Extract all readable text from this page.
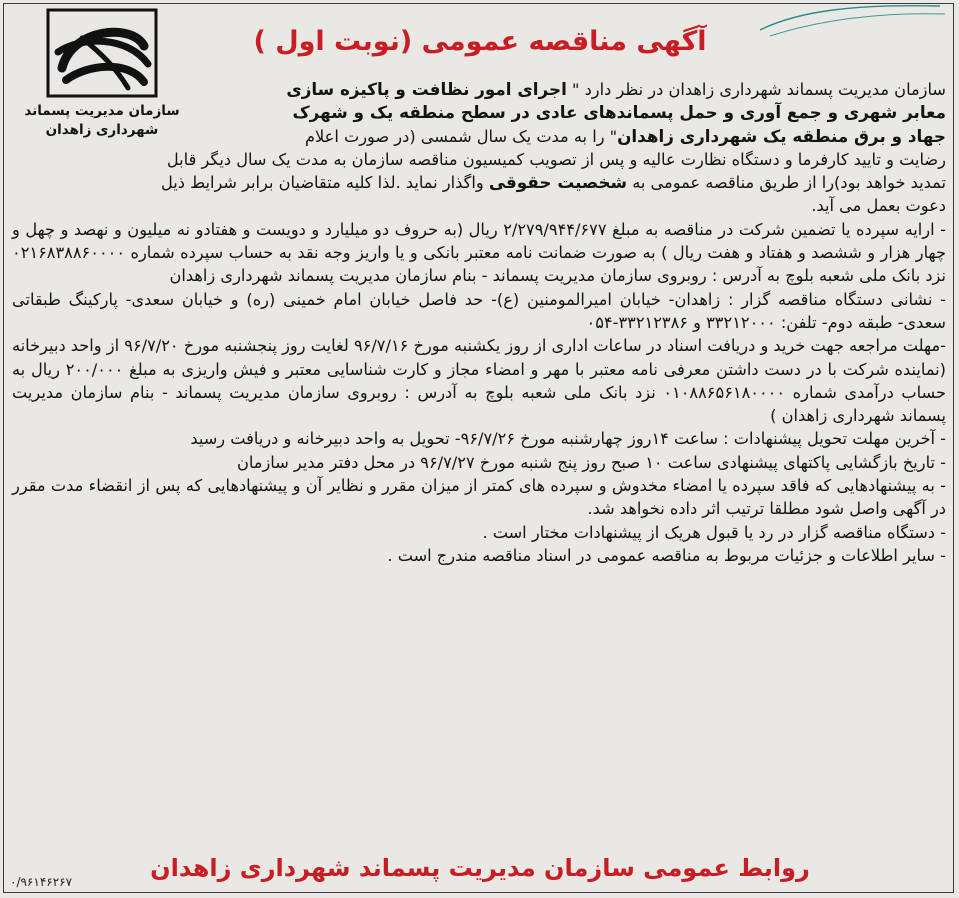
سازمان مدیریت پسماند
شهرداری زاهدان
آگهی مناقصه عمومی (نوبت اول )

سازمان مدیریت پسماند شهرداری زاهدان در نظر دارد " اجرای امور نظافت و پاکیزه سازی

معابر شهری و جمع آوری و حمل پسماندهای عادی در سطح منطقه یک و شهرک

جهاد و برق منطقه یک شهرداری زاهدان" را به مدت یک سال شمسی (در صورت اعلام

رضایت و تایید کارفرما و دستگاه نظارت عالیه و پس از تصویب کمیسیون مناقصه سازمان به مدت یک سال دیگر قابل

تمدید خواهد بود)را از طریق مناقصه عمومی به شخصیت حقوقی واگذار نماید .لذا کلیه متقاضیان برابر شرایط ذیل

دعوت بعمل می آید.

- ارایه سپرده یا تضمین شرکت در مناقصه به مبلغ ۲/۲۷۹/۹۴۴/۶۷۷ ریال (به حروف دو میلیارد و دویست و هفتادو نه میلیون و نهصد و چهل و چهار هزار و ششصد و هفتاد و هفت ریال ) به صورت ضمانت نامه معتبر بانکی و یا واریز وجه نقد به حساب سپرده شماره ۰۲۱۶۸۳۸۸۶۰۰۰۰ نزد بانک ملی شعبه بلوچ به آدرس : روبروی سازمان مدیریت پسماند - بنام سازمان مدیریت پسماند شهرداری زاهدان

- نشانی دستگاه مناقصه گزار : زاهدان- خیابان امیرالمومنین (ع)- حد فاصل خیابان امام خمینی (ره) و خیابان سعدی- پارکینگ طبقاتی سعدی- طبقه دوم- تلفن: ۳۳۲۱۲۰۰۰ و ۳۳۲۱۲۳۸۶-۰۵۴

-مهلت مراجعه جهت خرید و دریافت اسناد در ساعات اداری از روز یکشنبه مورخ ۹۶/۷/۱۶ لغایت روز پنجشنبه مورخ ۹۶/۷/۲۰ از واحد دبیرخانه (نماینده شرکت با در دست داشتن معرفی نامه معتبر با مهر و امضاء مجاز و کارت شناسایی معتبر و فیش واریزی به مبلغ ۲۰۰/۰۰۰ ریال به حساب درآمدی شماره ۰۱۰۸۸۶۵۶۱۸۰۰۰۰ نزد بانک ملی شعبه بلوچ به آدرس : روبروی سازمان مدیریت پسماند - بنام سازمان مدیریت پسماند شهرداری زاهدان )

- آخرین مهلت تحویل پیشنهادات : ساعت ۱۴روز چهارشنبه مورخ ۹۶/۷/۲۶- تحویل به واحد دبیرخانه و دریافت رسید

- تاریخ بازگشایی پاکتهای پیشنهادی ساعت ۱۰ صبح روز پنج شنبه مورخ ۹۶/۷/۲۷ در محل دفتر مدیر سازمان

- به پیشنهادهایی که فاقد سپرده یا امضاء مخدوش و سپرده های کمتر از میزان مقرر و نظایر آن و پیشنهادهایی که پس از انقضاء مدت مقرر در آگهی واصل شود مطلقا ترتیب اثر داده نخواهد شد.

- دستگاه مناقصه گزار در رد یا قبول هریک از پیشنهادات مختار است .

- سایر اطلاعات و جزئیات مربوط به مناقصه عمومی در اسناد مناقصه مندرج است .

روابط عمومی سازمان مدیریت پسماند شهرداری زاهدان
۰/۹۶۱۴۶۲۶۷
